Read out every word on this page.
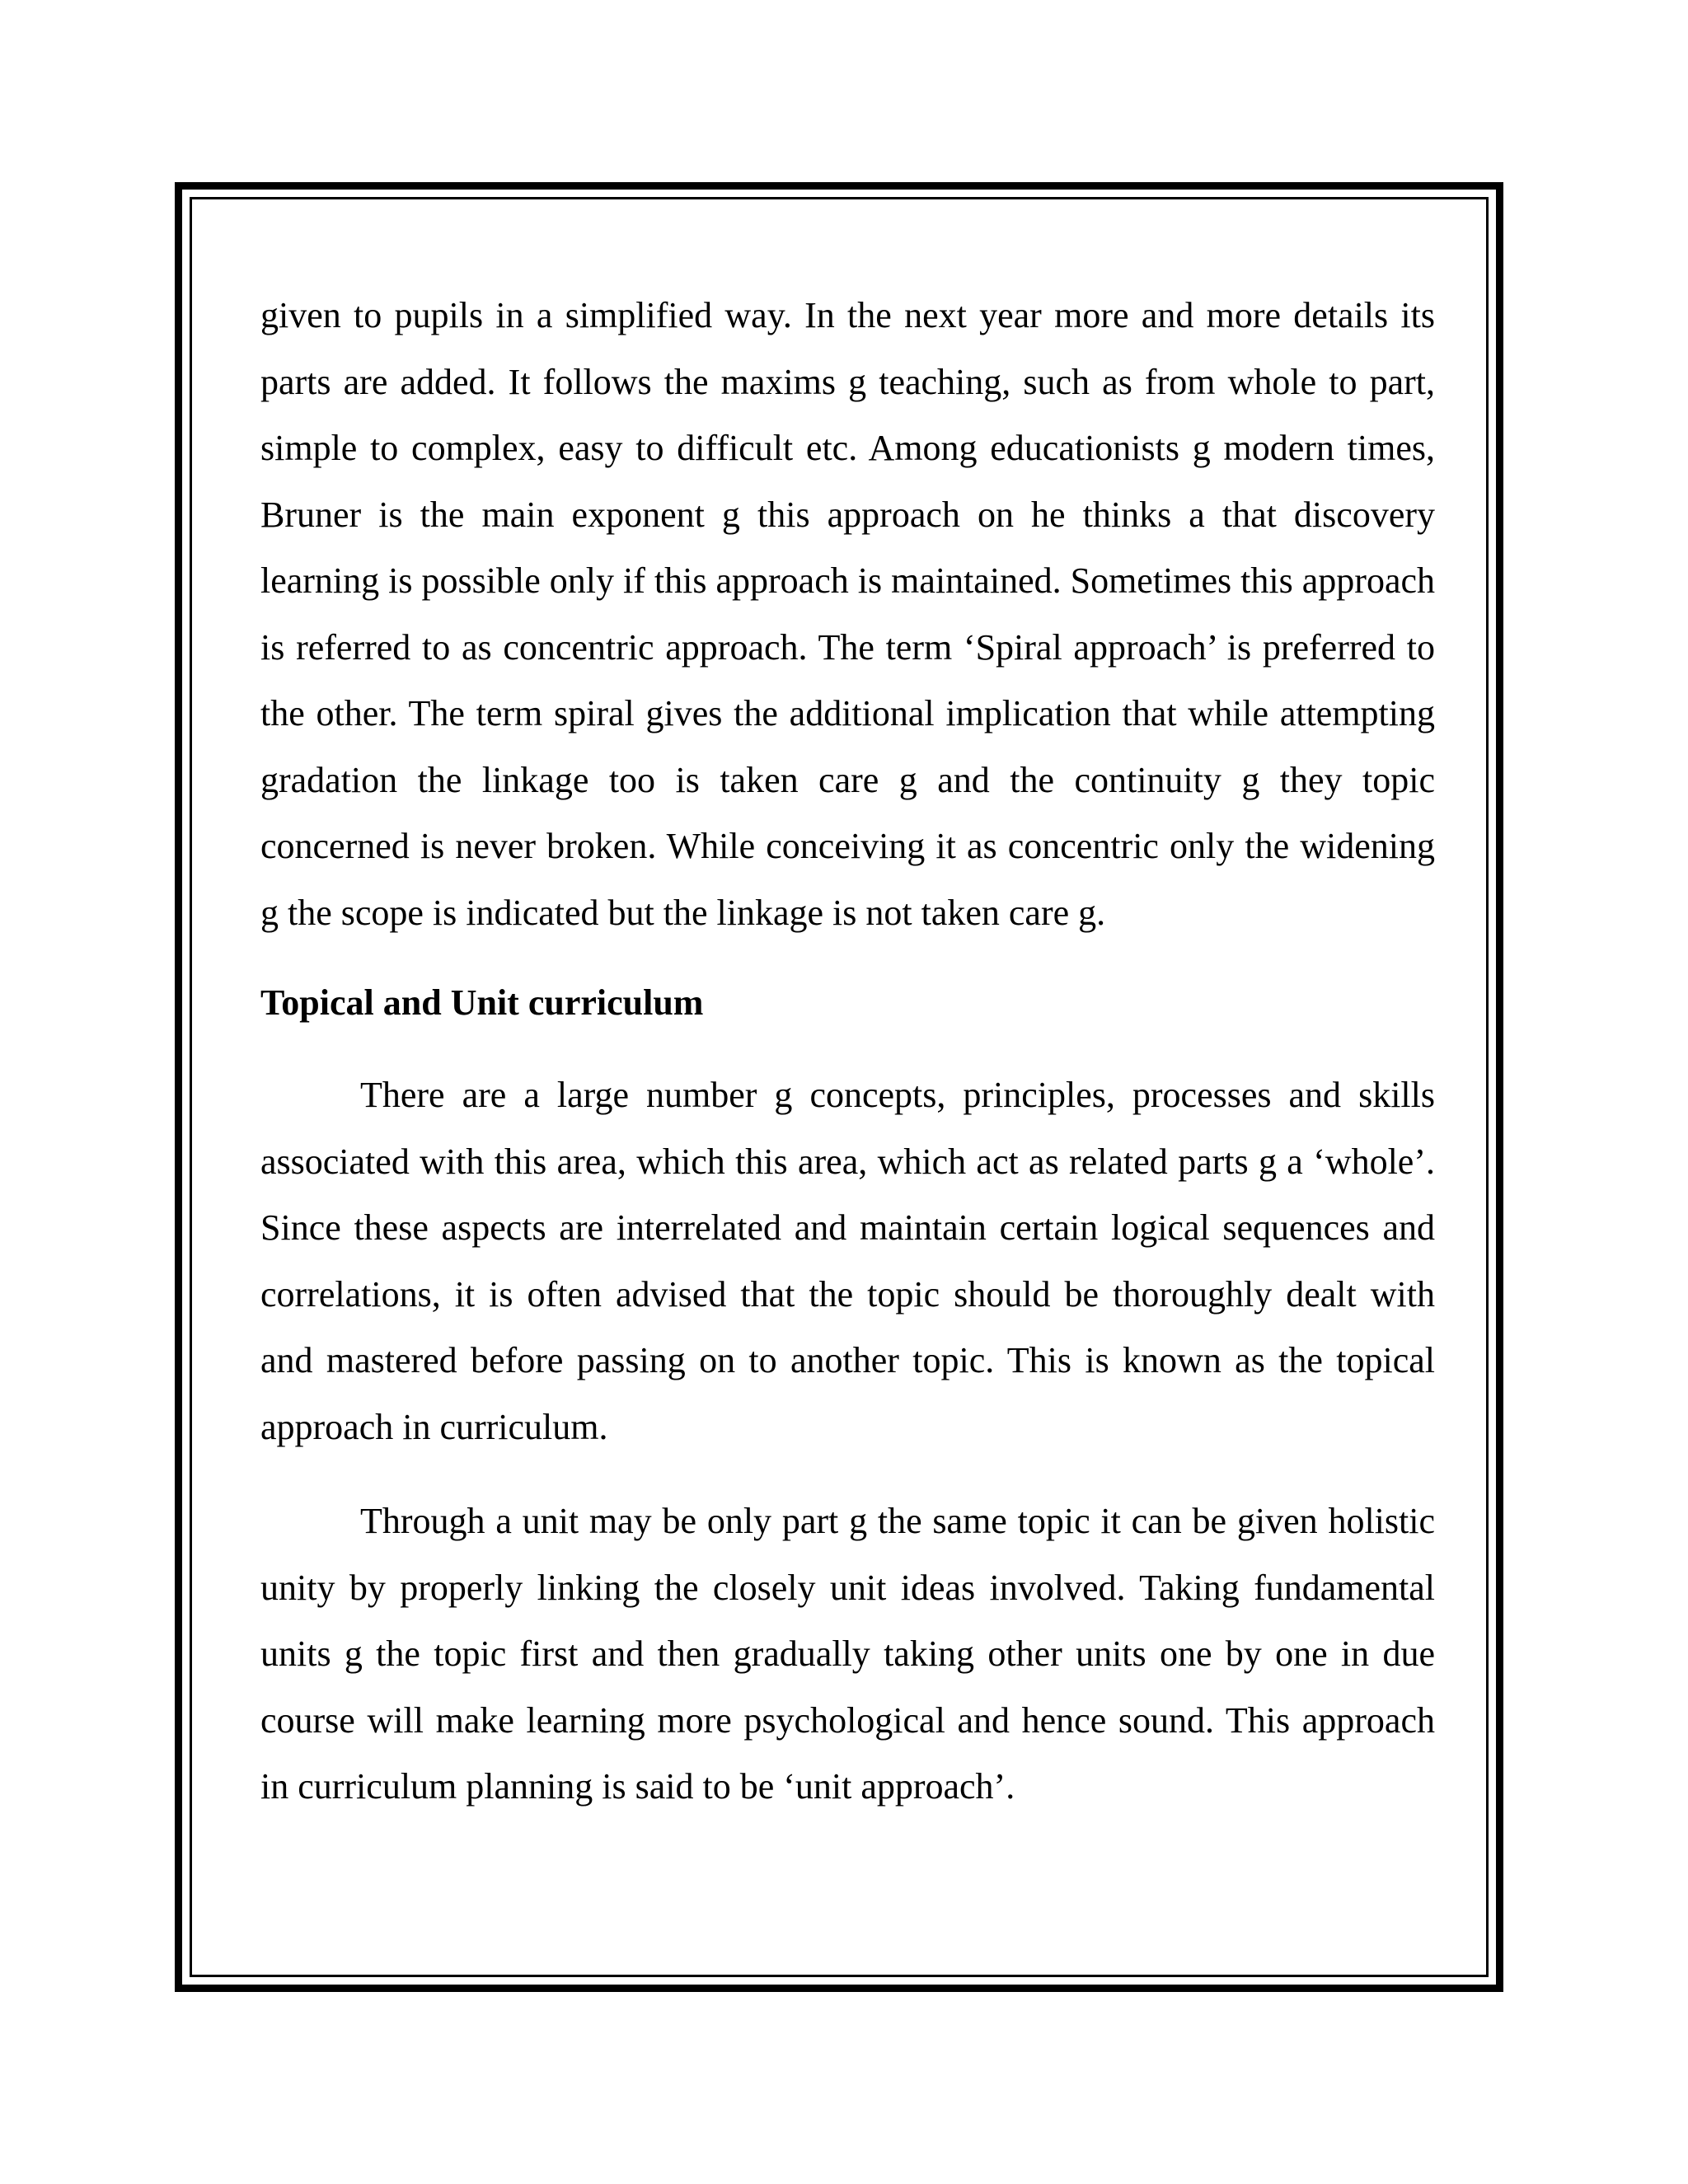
given to pupils in a simplified way. In the next year more and more details its parts are added. It follows the maxims g teaching, such as from whole to part, simple to complex, easy to difficult etc. Among educationists g modern times, Bruner is the main exponent g this approach on he thinks a that discovery learning is possible only if this approach is maintained. Sometimes this approach is referred to as concentric approach. The term ‘Spiral approach’ is preferred to the other. The term spiral gives the additional implication that while attempting gradation the linkage too is taken care g and the continuity g they topic concerned is never broken. While conceiving it as concentric only the widening g the scope is indicated but the linkage is not taken care g.

Topical and Unit curriculum

There are a large number g concepts, principles, processes and skills associated with this area, which this area, which act as related parts g a ‘whole’. Since these aspects are interrelated and maintain certain logical sequences and correlations, it is often advised that the topic should be thoroughly dealt with and mastered before passing on to another topic. This is known as the topical approach in curriculum.

Through a unit may be only part g the same topic it can be given holistic unity by properly linking the closely unit ideas involved. Taking fundamental units g the topic first and then gradually taking other units one by one in due course will make learning more psychological and hence sound. This approach in curriculum planning is said to be ‘unit approach’.
